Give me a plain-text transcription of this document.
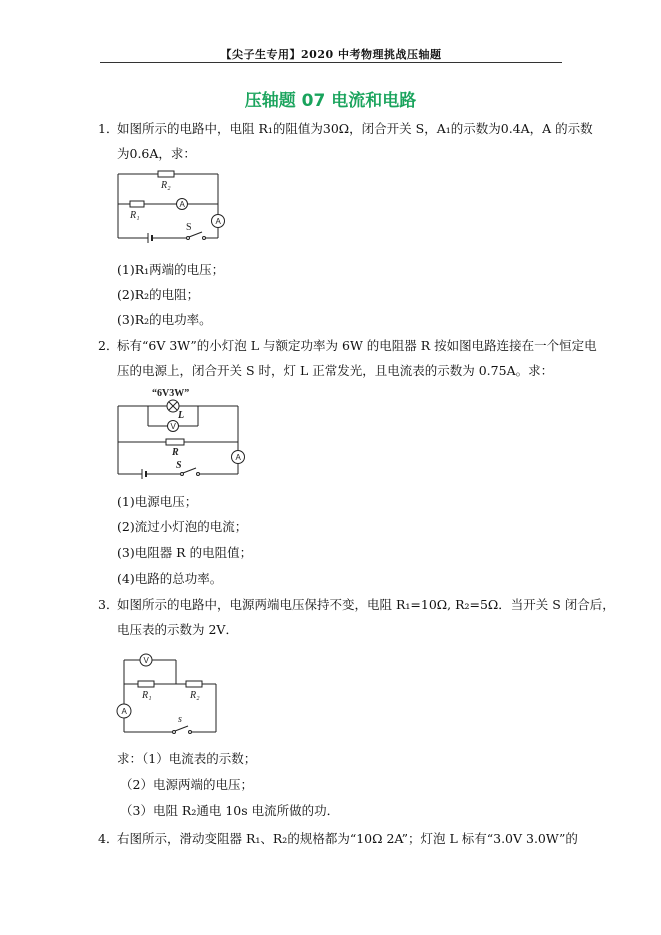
【尖子生专用】2020 中考物理挑战压轴题
压轴题 07 电流和电路
1．
如图所示的电路中，电阻 R₁的阻值为30Ω，闭合开关 S，A₁的示数为0.4A，A 的示数
为0.6A，求：
A
A
R₂
R₁
S
(1)R₁两端的电压；
(2)R₂的电阻；
(3)R₂的电功率。
2．
标有“6V 3W”的小灯泡 L 与额定功率为 6W 的电阻器 R 按如图电路连接在一个恒定电
压的电源上，闭合开关 S 时，灯 L 正常发光，且电流表的示数为 0.75A。求：
V
A
“6V3W”
L
R
S
(1)电源电压；
(2)流过小灯泡的电流；
(3)电阻器 R 的电阻值；
(4)电路的总功率。
3．
如图所示的电路中，电源两端电压保持不变，电阻 R₁=10Ω, R₂=5Ω．当开关 S 闭合后，
电压表的示数为 2V．
V
A
R₁	R₂
s
求：（1）电流表的示数；
（2）电源两端的电压；
（3）电阻 R₂通电 10s 电流所做的功．
4．
右图所示，滑动变阻器 R₁、R₂的规格都为“10Ω 2A”；灯泡 L 标有“3.0V 3.0W”的
